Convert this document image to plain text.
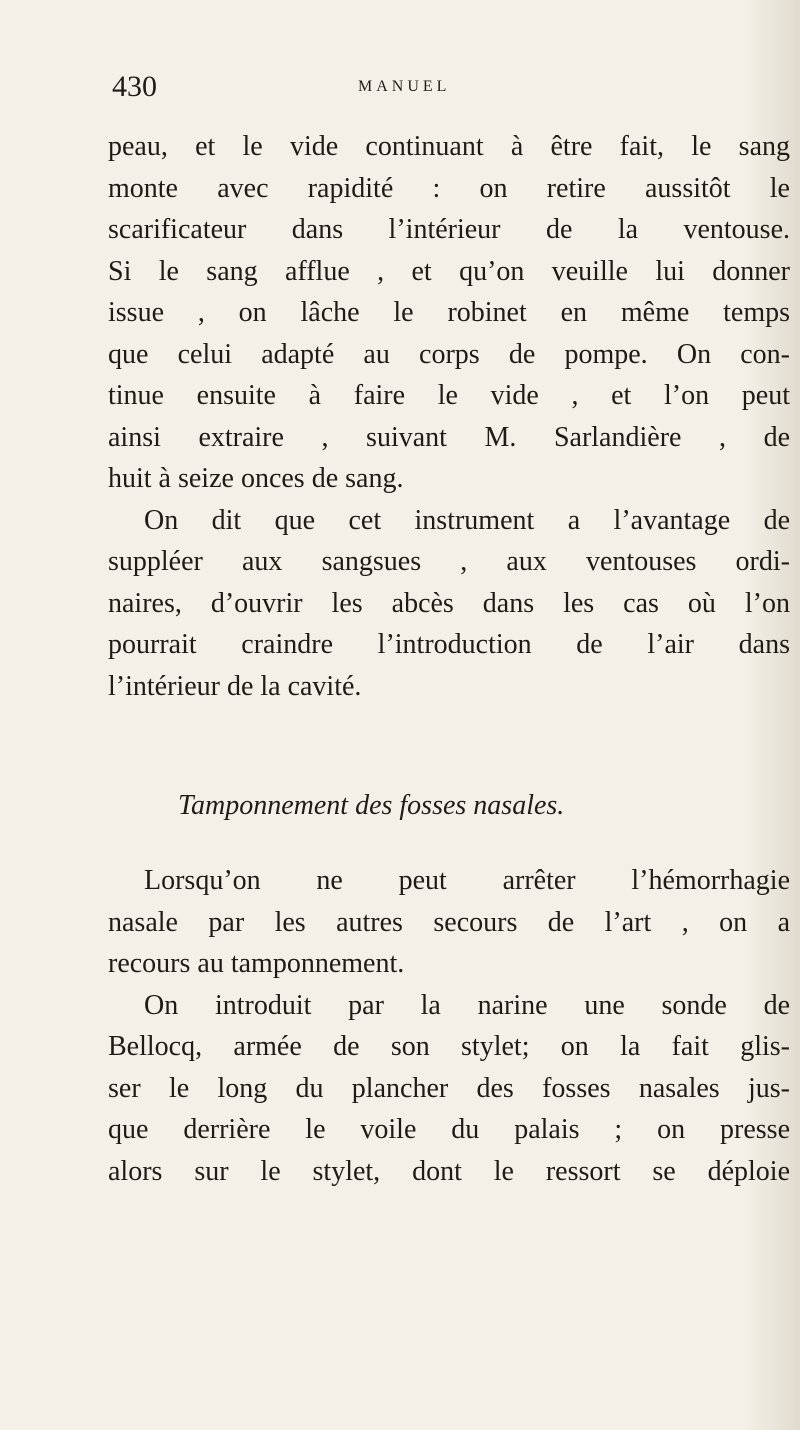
430	MANUEL
peau, et le vide continuant à être fait, le sang
monte avec rapidité : on retire aussitôt le
scarificateur dans l’intérieur de la ventouse.
Si le sang afflue , et qu’on veuille lui donner
issue , on lâche le robinet en même temps
que celui adapté au corps de pompe. On con-
tinue ensuite à faire le vide , et l’on peut
ainsi extraire , suivant M. Sarlandière , de
huit à seize onces de sang.
On dit que cet instrument a l’avantage de
suppléer aux sangsues , aux ventouses ordi-
naires, d’ouvrir les abcès dans les cas où l’on
pourrait craindre l’introduction de l’air dans
l’intérieur de la cavité.
Tamponnement des fosses nasales.
Lorsqu’on ne peut arrêter l’hémorrhagie
nasale par les autres secours de l’art , on a
recours au tamponnement.
On introduit par la narine une sonde de
Bellocq, armée de son stylet; on la fait glis-
ser le long du plancher des fosses nasales jus-
que derrière le voile du palais ; on presse
alors sur le stylet, dont le ressort se déploie
